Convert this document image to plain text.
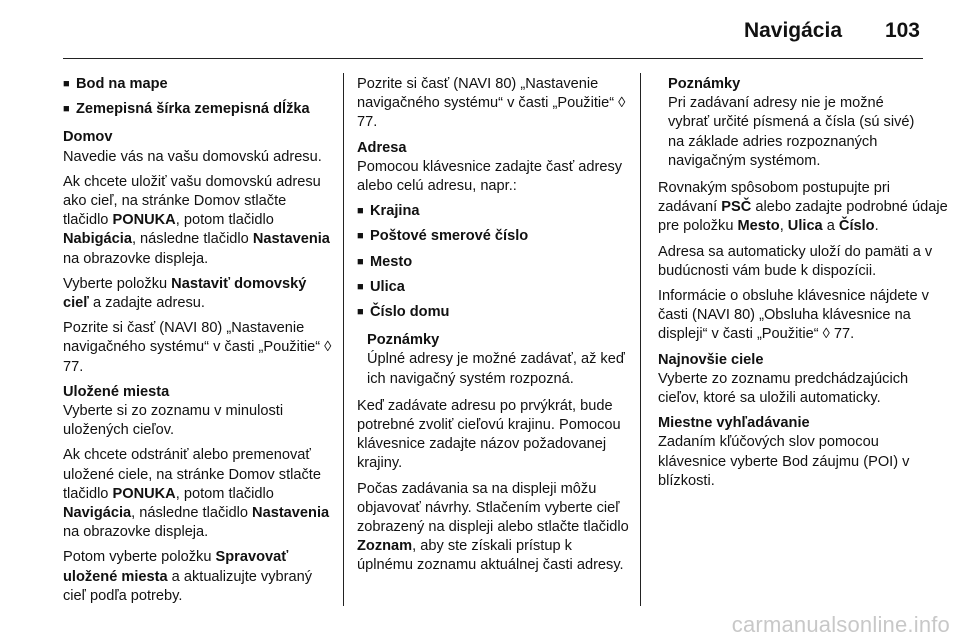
Navigácia 103
■
Bod na mape
■
Zemepisná šírka zemepisná dĺžka
Domov

Navedie vás na vašu domovskú adresu.

Ak chcete uložiť vašu domovskú adresu ako cieľ, na stránke Domov stlačte tlačidlo PONUKA, potom tlačidlo Nabigácia, následne tlačidlo Nastavenia na obrazovke displeja.

Vyberte položku Nastaviť domovský cieľ a zadajte adresu.

Pozrite si časť (NAVI 80) „Nastavenie navigačného systému“ v časti „Použitie“ ◊ 77.

Uložené miesta

Vyberte si zo zoznamu v minulosti uložených cieľov.

Ak chcete odstrániť alebo premenovať uložené ciele, na stránke Domov stlačte tlačidlo PONUKA, potom tlačidlo Navigácia, následne tlačidlo Nastavenia na obrazovke displeja.

Potom vyberte položku Spravovať uložené miesta a aktualizujte vybraný cieľ podľa potreby.

Pozrite si časť (NAVI 80) „Nastavenie navigačného systému“ v časti „Použitie“ ◊ 77.

Adresa

Pomocou klávesnice zadajte časť adresy alebo celú adresu, napr.:

■
Krajina
■
Poštové smerové číslo
■
Mesto
■
Ulica
■
Číslo domu
Poznámky
Úplné adresy je možné zadávať, až keď ich navigačný systém rozpozná.

Keď zadávate adresu po prvýkrát, bude potrebné zvoliť cieľovú krajinu. Pomocou klávesnice zadajte názov požadovanej krajiny.

Počas zadávania sa na displeji môžu objavovať návrhy. Stlačením vyberte cieľ zobrazený na displeji alebo stlačte tlačidlo Zoznam, aby ste získali prístup k úplnému zoznamu aktuálnej časti adresy.

Poznámky
Pri zadávaní adresy nie je možné vybrať určité písmená a čísla (sú sivé) na základe adries rozpoznaných navigačným systémom.

Rovnakým spôsobom postupujte pri zadávaní PSČ alebo zadajte podrobné údaje pre položku Mesto, Ulica a Číslo.

Adresa sa automaticky uloží do pamäti a v budúcnosti vám bude k dispozícii.

Informácie o obsluhe klávesnice nájdete v časti (NAVI 80) „Obsluha klávesnice na displeji“ v časti „Použitie“ ◊ 77.

Najnovšie ciele

Vyberte zo zoznamu predchádzajúcich cieľov, ktoré sa uložili automaticky.

Miestne vyhľadávanie

Zadaním kľúčových slov pomocou klávesnice vyberte Bod záujmu (POI) v blízkosti.

carmanualsonline.info
